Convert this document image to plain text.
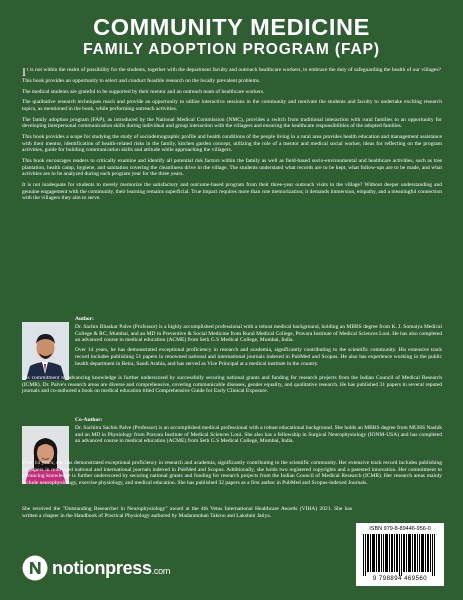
COMMUNITY MEDICINE
FAMILY ADOPTION PROGRAM (FAP)

It is not within the realm of possibility for the students, together with the department faculty and outreach healthcare workers, to embrace the duty of safeguarding the health of our villages?

This book provides an opportunity to select and conduct feasible research on the locally prevalent problems.

The medical students are grateful to be supported by their mentor and an outreach team of healthcare workers.

The qualitative research techniques reach and provide an opportunity to utilize interactive sessions in the community and motivate the students and faculty to undertake exciting research topics, as mentioned in the book, while performing outreach activities.

The family adoption program (FAP), as introduced by the National Medical Commission (NMC), provides a switch from traditional interaction with rural families to an opportunity for developing interpersonal communication skills during individual and group interaction with the villagers and ensuring the healthcare responsibilities of the adopted families.

This book provides a scope for studying the study of sociodemographic profile and health conditions of the people living in a rural area provides health education and management assistance with their mentor, identification of health-related risks in the family, kitchen garden concept, utilizing the role of a mentor and medical social worker, ideas for reflecting on the program activities, guide for building communication skills and attitude while approaching the villagers.

This book encourages readers to critically examine and identify all potential risk factors within the family as well as field-based socio-environmental and healthcare activities, such as tree plantation, health camp, hygiene, and sanitation covering the cleanliness drive in the village. The students understand what records are to be kept, what follow-ups are to be made, and what activities are to be analyzed during each program year for the three years.

It is not inadequate for students to merely memorize the satisfactory and outcome-based program from their three-year outreach visits to the village? Without deeper understanding and genuine engagement with the community, their learning remains superficial. True impact requires more than rote memorization; it demands immersion, empathy, and a meaningful connection with the villagers they aim to serve.

Author:

Dr. Sachin Bhaskar Palve (Professor) is a highly accomplished professional with a robust medical background, holding an MBBS degree from K. J. Somaiya Medical College & RC, Mumbai, and an MD in Preventive & Social Medicine from Rural Medical College, Pravara Institute of Medical Sciences Loni. He has also completed an advanced course in medical education (ACME) from Seth G.S Medical College, Mumbai, India.

Over 14 years, he has demonstrated exceptional proficiency in research and academia, significantly contributing to the scientific community. His extensive track record includes publishing 51 papers in renowned national and international journals indexed in PubMed and Scopus. He also has experience working in the public health department in Beira, Saudi Arabia, and has served as Vice Principal at a medical institute in the country.

His commitment to advancing knowledge is further underscored by successfully securing national grants and funding for research projects from the Indian Council of Medical Research (ICMR). Dr. Palve's research areas are diverse and comprehensive, covering communicable diseases, gender equality, and qualitative research. He has published 31 papers in several reputed journals and co-authored a book on medical education titled Comprehensive Guide for Early Clinical Exposure.
Co-Author:

Dr. Sachitra Sachin Palve (Professor) is an accomplished medical professional with a robust educational background. She holds an MBBS degree from MUHS Nashik and an MD in Physiology from Pravara Institute of Medical Sciences Loni. She also has a fellowship in Surgical Neurophysiology (IONM-USA) and has completed an advanced course in medical education (ACME) from Seth G.S Medical College, Mumbai, India.

Over 14 years, she has demonstrated exceptional proficiency in research and academia, significantly contributing to the scientific community. Her extensive track record includes publishing 32 papers in renowned national and international journals indexed in PubMed and Scopus. Additionally, she holds two registered copyrights and a patented innovation. Her commitment to advancing knowledge is further underscored by securing national grants and funding for research projects from the Indian Council of Medical Research (ICMR). Her research areas mainly include neurophysiology, exercise physiology, and medical education. She has published 32 papers as a first author in PubMed and Scopus-indexed Journals.
She received the "Outstanding Researcher in Neurophysiology" award at the 4th Vetus International Healthcare Awards (VIHA) 2021. She has written a chapter in the Handbook of Practical Physiology authored by Madanmohan Takroo and Lakshmi Jatiya.
ISBN 979-8-89446-956-0
9 798894 469560
notionpress.com
